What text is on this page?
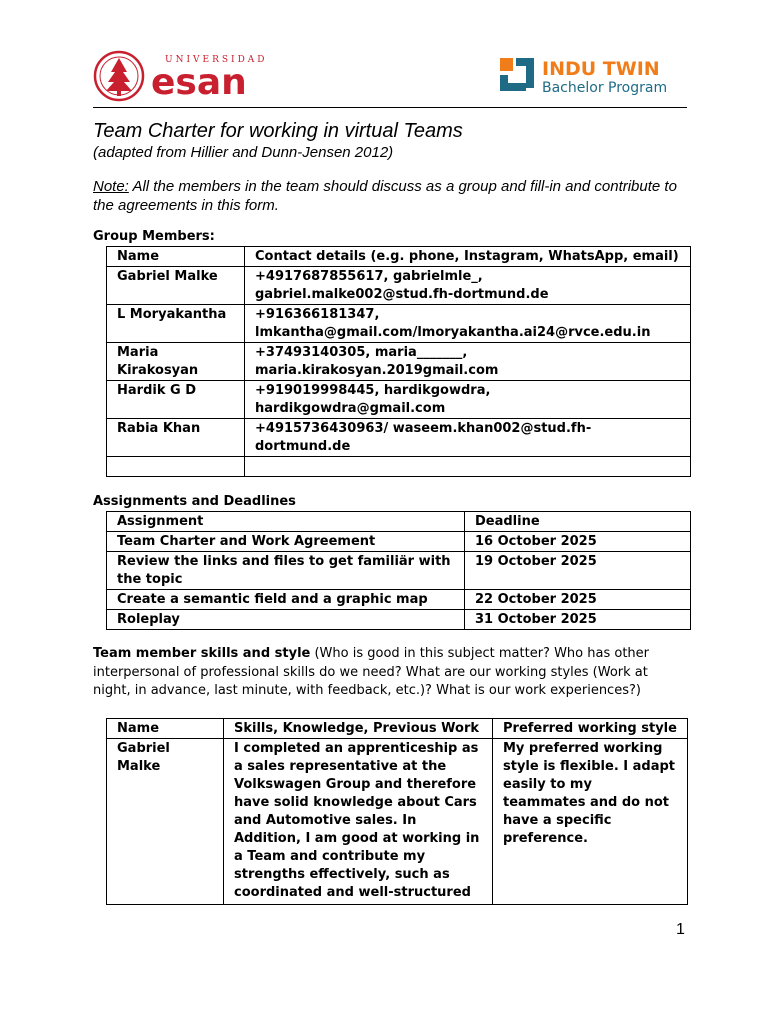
UNIVERSIDAD
esan	INDU TWIN
Bachelor Program
Team Charter for working in virtual Teams
(adapted from Hillier and Dunn-Jensen 2012)
Note: All the members in the team should discuss as a group and fill-in and contribute to the agreements in this form.
Group Members:
Name	Contact details (e.g. phone, Instagram, WhatsApp, email)
Gabriel Malke	+4917687855617, gabrielmle_, gabriel.malke002@stud.fh-dortmund.de
L Moryakantha	+916366181347, lmkantha@gmail.com/lmoryakantha.ai24@rvce.edu.in
Maria Kirakosyan	+37493140305, maria_______, maria.kirakosyan.2019gmail.com
Hardik G D	+919019998445, hardikgowdra, hardikgowdra@gmail.com
Rabia Khan	+4915736430963/ waseem.khan002@stud.fh-dortmund.de

Assignments and Deadlines
Assignment	Deadline
Team Charter and Work Agreement	16 October 2025
Review the links and files to get familiär with the topic	19 October 2025
Create a semantic field and a graphic map	22 October 2025
Roleplay	31 October 2025
Team member skills and style (Who is good in this subject matter? Who has other interpersonal of professional skills do we need? What are our working styles (Work at night, in advance, last minute, with feedback, etc.)? What is our work experiences?)
Name	Skills, Knowledge, Previous Work	Preferred working style
Gabriel Malke	I completed an apprenticeship as a sales representative at the Volkswagen Group and therefore have solid knowledge about Cars and Automotive sales. In Addition, I am good at working in a Team and contribute my strengths effectively, such as coordinated and well-structured	My preferred working style is flexible. I adapt easily to my teammates and do not have a specific preference.
1
